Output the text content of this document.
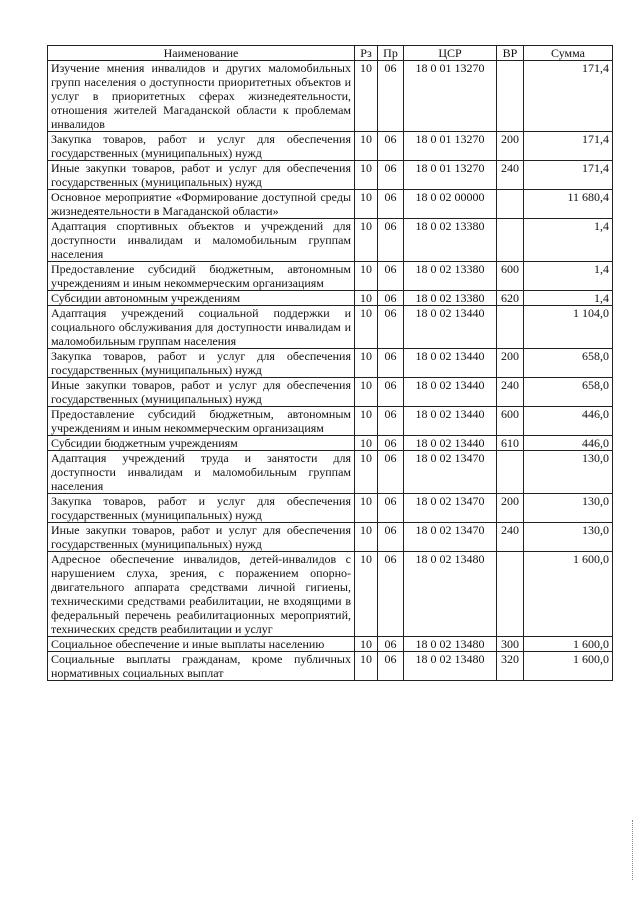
Наименование	Рз	Пр	ЦСР	ВР	Сумма
Изучение мнения инвалидов и других маломобильных групп населения о доступности приоритетных объектов и услуг в приоритетных сферах жизнедеятельности, отношения жителей Магаданской области к проблемам инвалидов	10	06	18 0 01 13270		171,4
Закупка товаров, работ и услуг для обеспечения государственных (муниципальных) нужд	10	06	18 0 01 13270	200	171,4
Иные закупки товаров, работ и услуг для обеспечения государственных (муниципальных) нужд	10	06	18 0 01 13270	240	171,4
Основное мероприятие «Формирование доступной среды жизнедеятельности в Магаданской области»	10	06	18 0 02 00000		11 680,4
Адаптация спортивных объектов и учреждений для доступности инвалидам и маломобильным группам населения	10	06	18 0 02 13380		1,4
Предоставление субсидий бюджетным, автономным учреждениям и иным некоммерческим организациям	10	06	18 0 02 13380	600	1,4
Субсидии автономным учреждениям	10	06	18 0 02 13380	620	1,4
Адаптация учреждений социальной поддержки и социального обслуживания для доступности инвалидам и маломобильным группам населения	10	06	18 0 02 13440		1 104,0
Закупка товаров, работ и услуг для обеспечения государственных (муниципальных) нужд	10	06	18 0 02 13440	200	658,0
Иные закупки товаров, работ и услуг для обеспечения государственных (муниципальных) нужд	10	06	18 0 02 13440	240	658,0
Предоставление субсидий бюджетным, автономным учреждениям и иным некоммерческим организациям	10	06	18 0 02 13440	600	446,0
Субсидии бюджетным учреждениям	10	06	18 0 02 13440	610	446,0
Адаптация учреждений труда и занятости для доступности инвалидам и маломобильным группам населения	10	06	18 0 02 13470		130,0
Закупка товаров, работ и услуг для обеспечения государственных (муниципальных) нужд	10	06	18 0 02 13470	200	130,0
Иные закупки товаров, работ и услуг для обеспечения государственных (муниципальных) нужд	10	06	18 0 02 13470	240	130,0
Адресное обеспечение инвалидов, детей-инвалидов с нарушением слуха, зрения, с поражением опорно-двигательного аппарата средствами личной гигиены, техническими средствами реабилитации, не входящими в федеральный перечень реабилитационных мероприятий, технических средств реабилитации и услуг	10	06	18 0 02 13480		1 600,0
Социальное обеспечение и иные выплаты населению	10	06	18 0 02 13480	300	1 600,0
Социальные выплаты гражданам, кроме публичных нормативных социальных выплат	10	06	18 0 02 13480	320	1 600,0
